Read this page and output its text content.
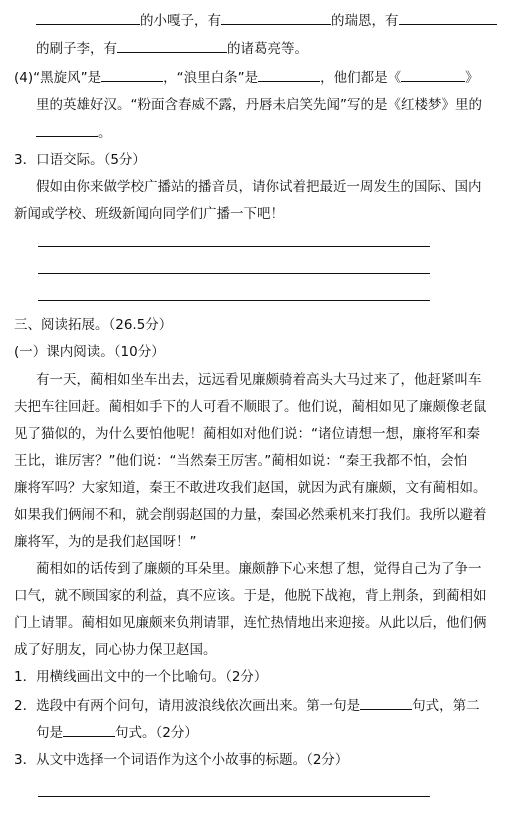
的小嘎子，有	的瑞恩，有
的刷子李，有	的诸葛亮等。
(4)“黑旋风”是	，“浪里白条”是	，他们都是《	》
里的英雄好汉。“粉面含春威不露，丹唇未启笑先闻”写的是《红楼梦》里的
。
3．口语交际。（5分）
假如由你来做学校广播站的播音员，请你试着把最近一周发生的国际、国内
新闻或学校、班级新闻向同学们广播一下吧！
三、阅读拓展。（26.5分）
(一）课内阅读。（10分）
有一天，蔺相如坐车出去，远远看见廉颇骑着高头大马过来了，他赶紧叫车
夫把车往回赶。蔺相如手下的人可看不顺眼了。他们说，蔺相如见了廉颇像老鼠
见了猫似的，为什么要怕他呢！蔺相如对他们说：“诸位请想一想，廉将军和秦
王比，谁厉害？”他们说：“当然秦王厉害。”蔺相如说：“秦王我都不怕，会怕
廉将军吗？大家知道，秦王不敢进攻我们赵国，就因为武有廉颇，文有蔺相如。
如果我们俩闹不和，就会削弱赵国的力量，秦国必然乘机来打我们。我所以避着
廉将军，为的是我们赵国呀！”
蔺相如的话传到了廉颇的耳朵里。廉颇静下心来想了想，觉得自己为了争一
口气，就不顾国家的利益，真不应该。于是，他脱下战袍，背上荆条，到蔺相如
门上请罪。蔺相如见廉颇来负荆请罪，连忙热情地出来迎接。从此以后，他们俩
成了好朋友，同心协力保卫赵国。
1．用横线画出文中的一个比喻句。（2分）
2．选段中有两个问句，请用波浪线依次画出来。第一句是	句式，第二
句是	句式。（2分）
3．从文中选择一个词语作为这个小故事的标题。（2分）
